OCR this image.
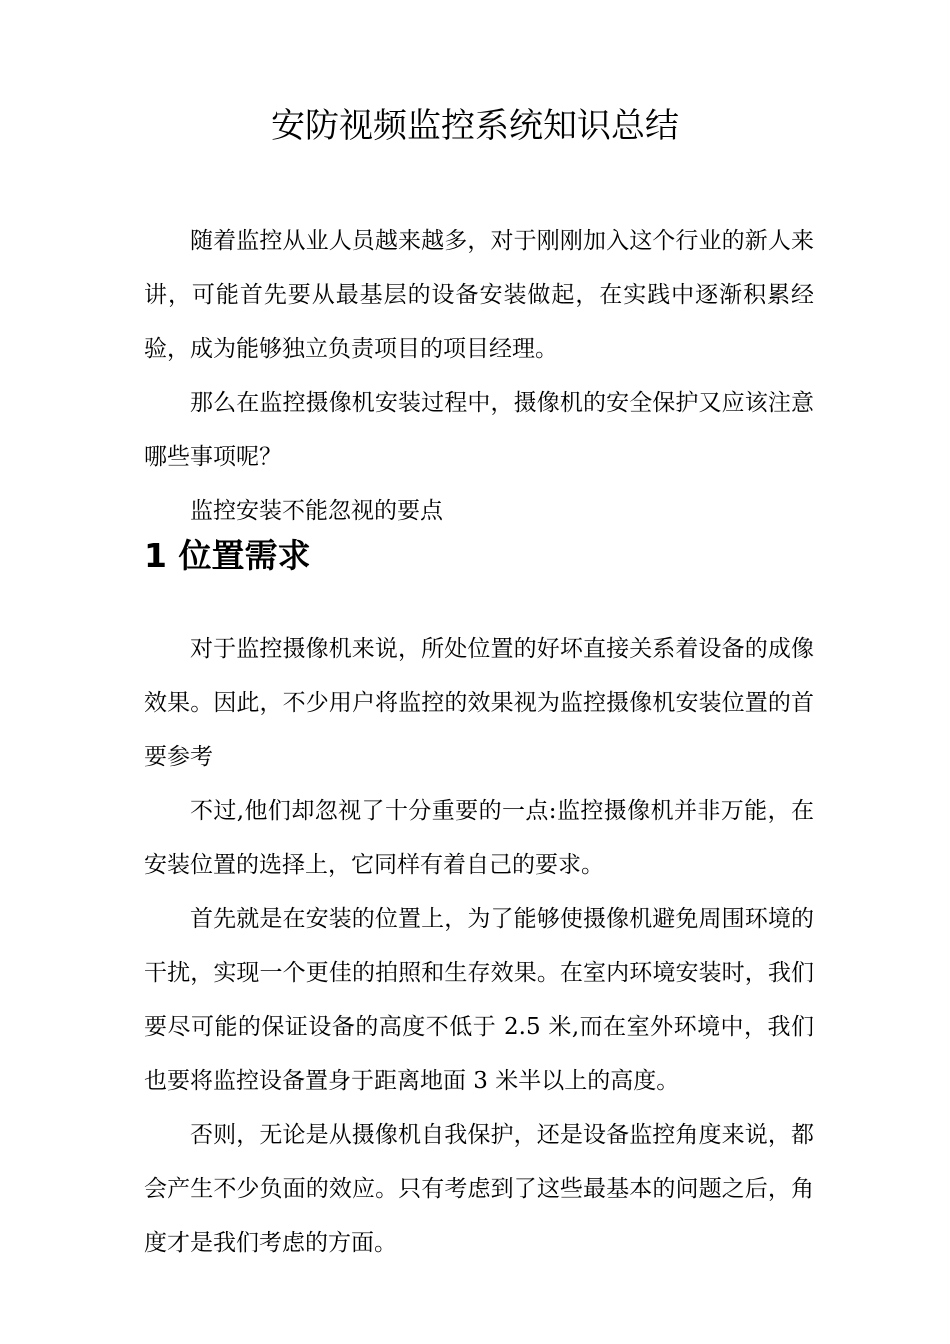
安防视频监控系统知识总结

随着监控从业人员越来越多，对于刚刚加入这个行业的新人来讲，可能首先要从最基层的设备安装做起，在实践中逐渐积累经验，成为能够独立负责项目的项目经理。

那么在监控摄像机安装过程中，摄像机的安全保护又应该注意哪些事项呢？

监控安装不能忽视的要点

1 位置需求

对于监控摄像机来说，所处位置的好坏直接关系着设备的成像效果。因此，不少用户将监控的效果视为监控摄像机安装位置的首要参考

不过,他们却忽视了十分重要的一点:监控摄像机并非万能，在安装位置的选择上，它同样有着自己的要求。

首先就是在安装的位置上，为了能够使摄像机避免周围环境的干扰，实现一个更佳的拍照和生存效果。在室内环境安装时，我们要尽可能的保证设备的高度不低于 2.5 米,而在室外环境中，我们也要将监控设备置身于距离地面 3 米半以上的高度。

否则，无论是从摄像机自我保护，还是设备监控角度来说，都会产生不少负面的效应。只有考虑到了这些最基本的问题之后，角度才是我们考虑的方面。
